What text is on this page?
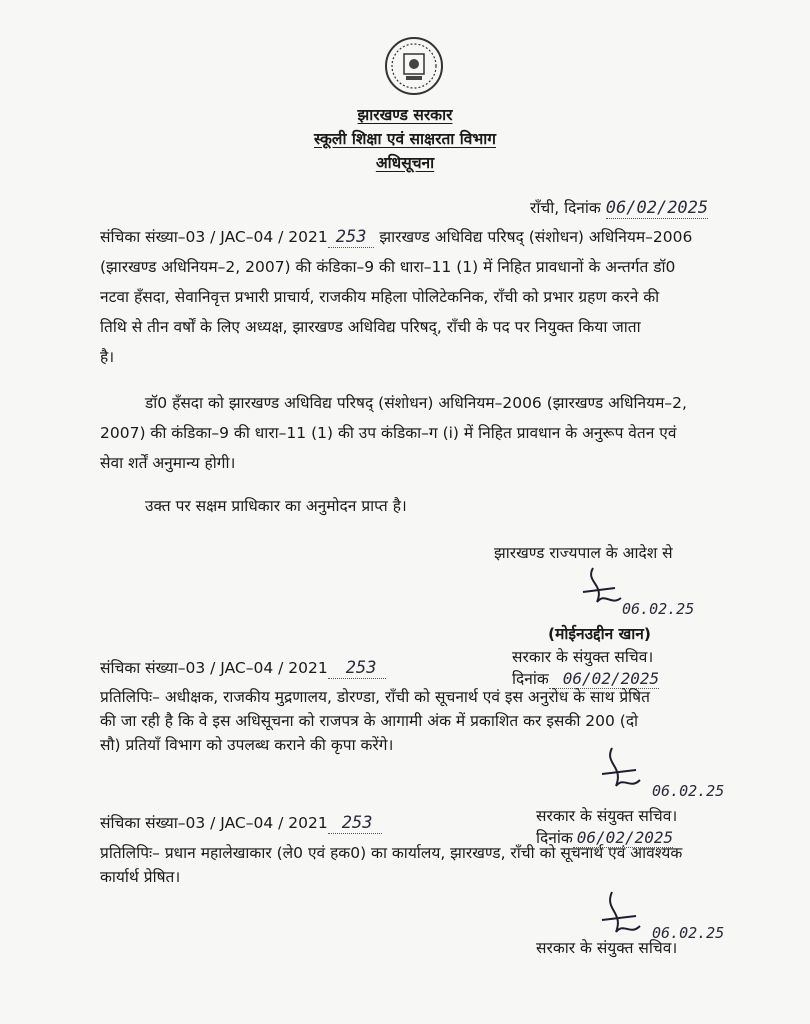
झारखण्ड सरकार
स्कूली शिक्षा एवं साक्षरता विभाग
अधिसूचना
राँची, दिनांक 06/02/2025
संचिका संख्या–03 / JAC–04 / 2021 253 झारखण्ड अधिविद्य परिषद् (संशोधन) अधिनियम–2006
(झारखण्ड अधिनियम–2, 2007) की कंडिका–9 की धारा–11 (1) में निहित प्रावधानों के अन्तर्गत डॉ0
नटवा हँसदा, सेवानिवृत्त प्रभारी प्राचार्य, राजकीय महिला पोलिटेकनिक, राँची को प्रभार ग्रहण करने की
तिथि से तीन वर्षों के लिए अध्यक्ष, झारखण्ड अधिविद्य परिषद्, राँची के पद पर नियुक्त किया जाता
है।
डॉ0 हँसदा को झारखण्ड अधिविद्य परिषद् (संशोधन) अधिनियम–2006 (झारखण्ड अधिनियम–2,
2007) की कंडिका–9 की धारा–11 (1) की उप कंडिका–ग (i) में निहित प्रावधान के अनुरूप वेतन एवं
सेवा शर्तें अनुमान्य होगी।
उक्त पर सक्षम प्राधिकार का अनुमोदन प्राप्त है।
झारखण्ड राज्यपाल के आदेश से
06.02.25
(मोईनउद्दीन खान)
सरकार के संयुक्त सचिव।
दिनांक 06/02/2025
संचिका संख्या–03 / JAC–04 / 2021 253
प्रतिलिपिः– अधीक्षक, राजकीय मुद्रणालय, डोरण्डा, राँची को सूचनार्थ एवं इस अनुरोध के साथ प्रेषित
की जा रही है कि वे इस अधिसूचना को राजपत्र के आगामी अंक में प्रकाशित कर इसकी 200 (दो
सौ) प्रतियाँ विभाग को उपलब्ध कराने की कृपा करेंगे।
06.02.25
सरकार के संयुक्त सचिव।
दिनांक 06/02/2025
संचिका संख्या–03 / JAC–04 / 2021 253
प्रतिलिपिः– प्रधान महालेखाकार (ले0 एवं हक0) का कार्यालय, झारखण्ड, राँची को सूचनार्थ एवं आवश्यक
कार्यार्थ प्रेषित।
06.02.25
सरकार के संयुक्त सचिव।
